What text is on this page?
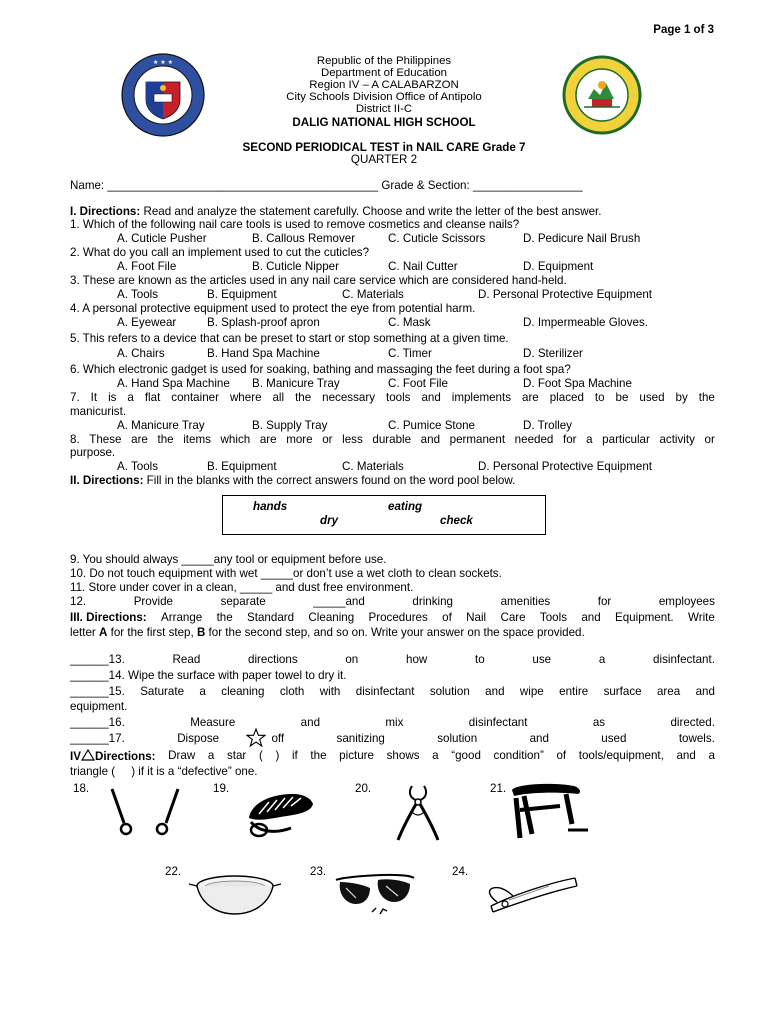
Page 1 of 3
★ ★ ★	Republic of the Philippines
Department of Education
Region IV – A CALABARZON
City Schools Division Office of Antipolo
District II-C
DALIG NATIONAL HIGH SCHOOL
SECOND PERIODICAL TEST in NAIL CARE Grade 7
QUARTER 2
Name: __________________________________________ Grade & Section: _________________
I. Directions: Read and analyze the statement carefully. Choose and write the letter of the best answer.
1. Which of the following nail care tools is used to remove cosmetics and cleanse nails?
A. Cuticle Pusher	B. Callous Remover	C. Cuticle Scissors	D. Pedicure Nail Brush
2. What do you call an implement used to cut the cuticles?
A. Foot File	B. Cuticle Nipper	C. Nail Cutter	D. Equipment
3. These are known as the articles used in any nail care service which are considered hand-held.
A. Tools	B. Equipment	C. Materials	D. Personal Protective Equipment
4. A personal protective equipment used to protect the eye from potential harm.
A. Eyewear	B. Splash-proof apron	C. Mask	D. Impermeable Gloves.
5. This refers to a device that can be preset to start or stop something at a given time.
A. Chairs	B. Hand Spa Machine	C. Timer	D. Sterilizer
6. Which electronic gadget is used for soaking, bathing and massaging the feet during a foot spa?
A. Hand Spa Machine B. Manicure Tray	C. Foot File	D. Foot Spa Machine
7. It is a flat container where all the necessary tools and implements are placed to be used by the
manicurist.
A. Manicure Tray	B. Supply Tray	C. Pumice Stone	D. Trolley
8. These are the items which are more or less durable and permanent needed for a particular activity or
purpose.
A. Tools	B. Equipment	C. Materials	D. Personal Protective Equipment
II. Directions: Fill in the blanks with the correct answers found on the word pool below.
hands	eating
dry	check
9. You should always _____any tool or equipment before use.
10. Do not touch equipment with wet _____or don’t use a wet cloth to clean sockets.
11. Store under cover in a clean, _____ and dust free environment.
12.	Provide	separate	_____and	drinking	amenities	for	employees
III. Directions: Arrange the Standard Cleaning Procedures of Nail Care Tools and Equipment. Write
letter A for the first step, B for the second step, and so on. Write your answer on the space provided.
______13.	Read	directions	on	how	to	use	a	disinfectant.
______14. Wipe the surface with paper towel to dry it.
______15. Saturate a cleaning cloth with disinfectant solution and wipe entire surface area and
equipment.
______16.	Measure	and	mix	disinfectant	as	directed.
______17.	Dispose	off	sanitizing	solution	and	used	towels.
IV Directions: Draw a star ( ) if the picture shows a “good condition” of tools/equipment, and a
triangle (     ) if it is a “defective” one.
18.	19.	20.	21.
22.	23.	24.
